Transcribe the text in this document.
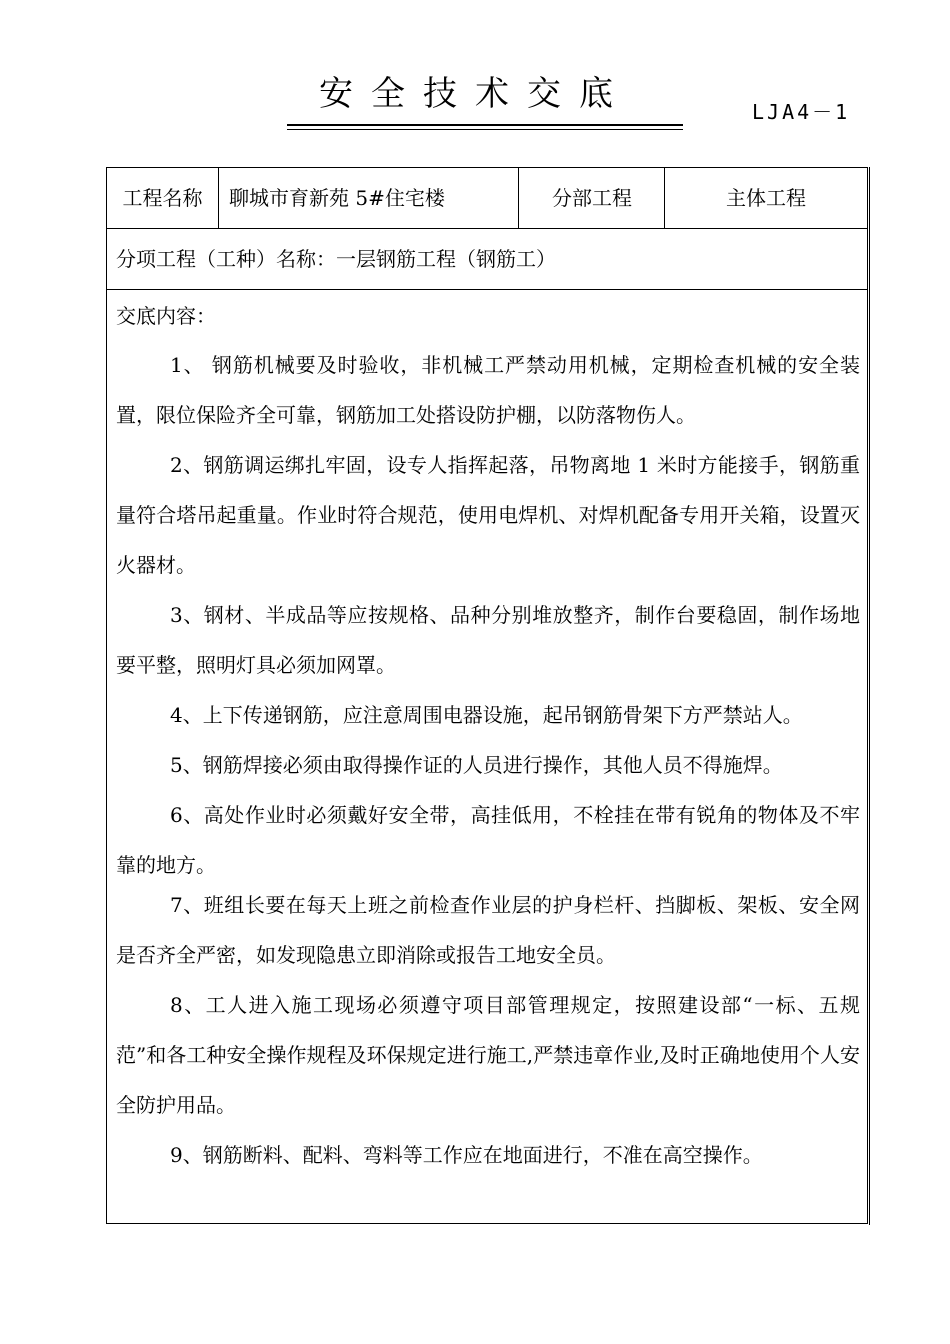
安全技术交底	LJA4－1
工程名称	聊城市育新苑 5#住宅楼	分部工程	主体工程
分项工程（工种）名称：一层钢筋工程（钢筋工）
交底内容：
1、 钢筋机械要及时验收，非机械工严禁动用机械，定期检查机械的安全装置，限位保险齐全可靠，钢筋加工处搭设防护棚，以防落物伤人。
2、钢筋调运绑扎牢固，设专人指挥起落，吊物离地 1 米时方能接手，钢筋重量符合塔吊起重量。作业时符合规范，使用电焊机、对焊机配备专用开关箱，设置灭火器材。
3、钢材、半成品等应按规格、品种分别堆放整齐，制作台要稳固，制作场地要平整，照明灯具必须加网罩。
4、上下传递钢筋，应注意周围电器设施，起吊钢筋骨架下方严禁站人。
5、钢筋焊接必须由取得操作证的人员进行操作，其他人员不得施焊。
6、高处作业时必须戴好安全带，高挂低用，不栓挂在带有锐角的物体及不牢靠的地方。
7、班组长要在每天上班之前检查作业层的护身栏杆、挡脚板、架板、安全网是否齐全严密，如发现隐患立即消除或报告工地安全员。
8、工人进入施工现场必须遵守项目部管理规定，按照建设部“一标、五规范”和各工种安全操作规程及环保规定进行施工,严禁违章作业,及时正确地使用个人安全防护用品。
9、钢筋断料、配料、弯料等工作应在地面进行，不准在高空操作。
